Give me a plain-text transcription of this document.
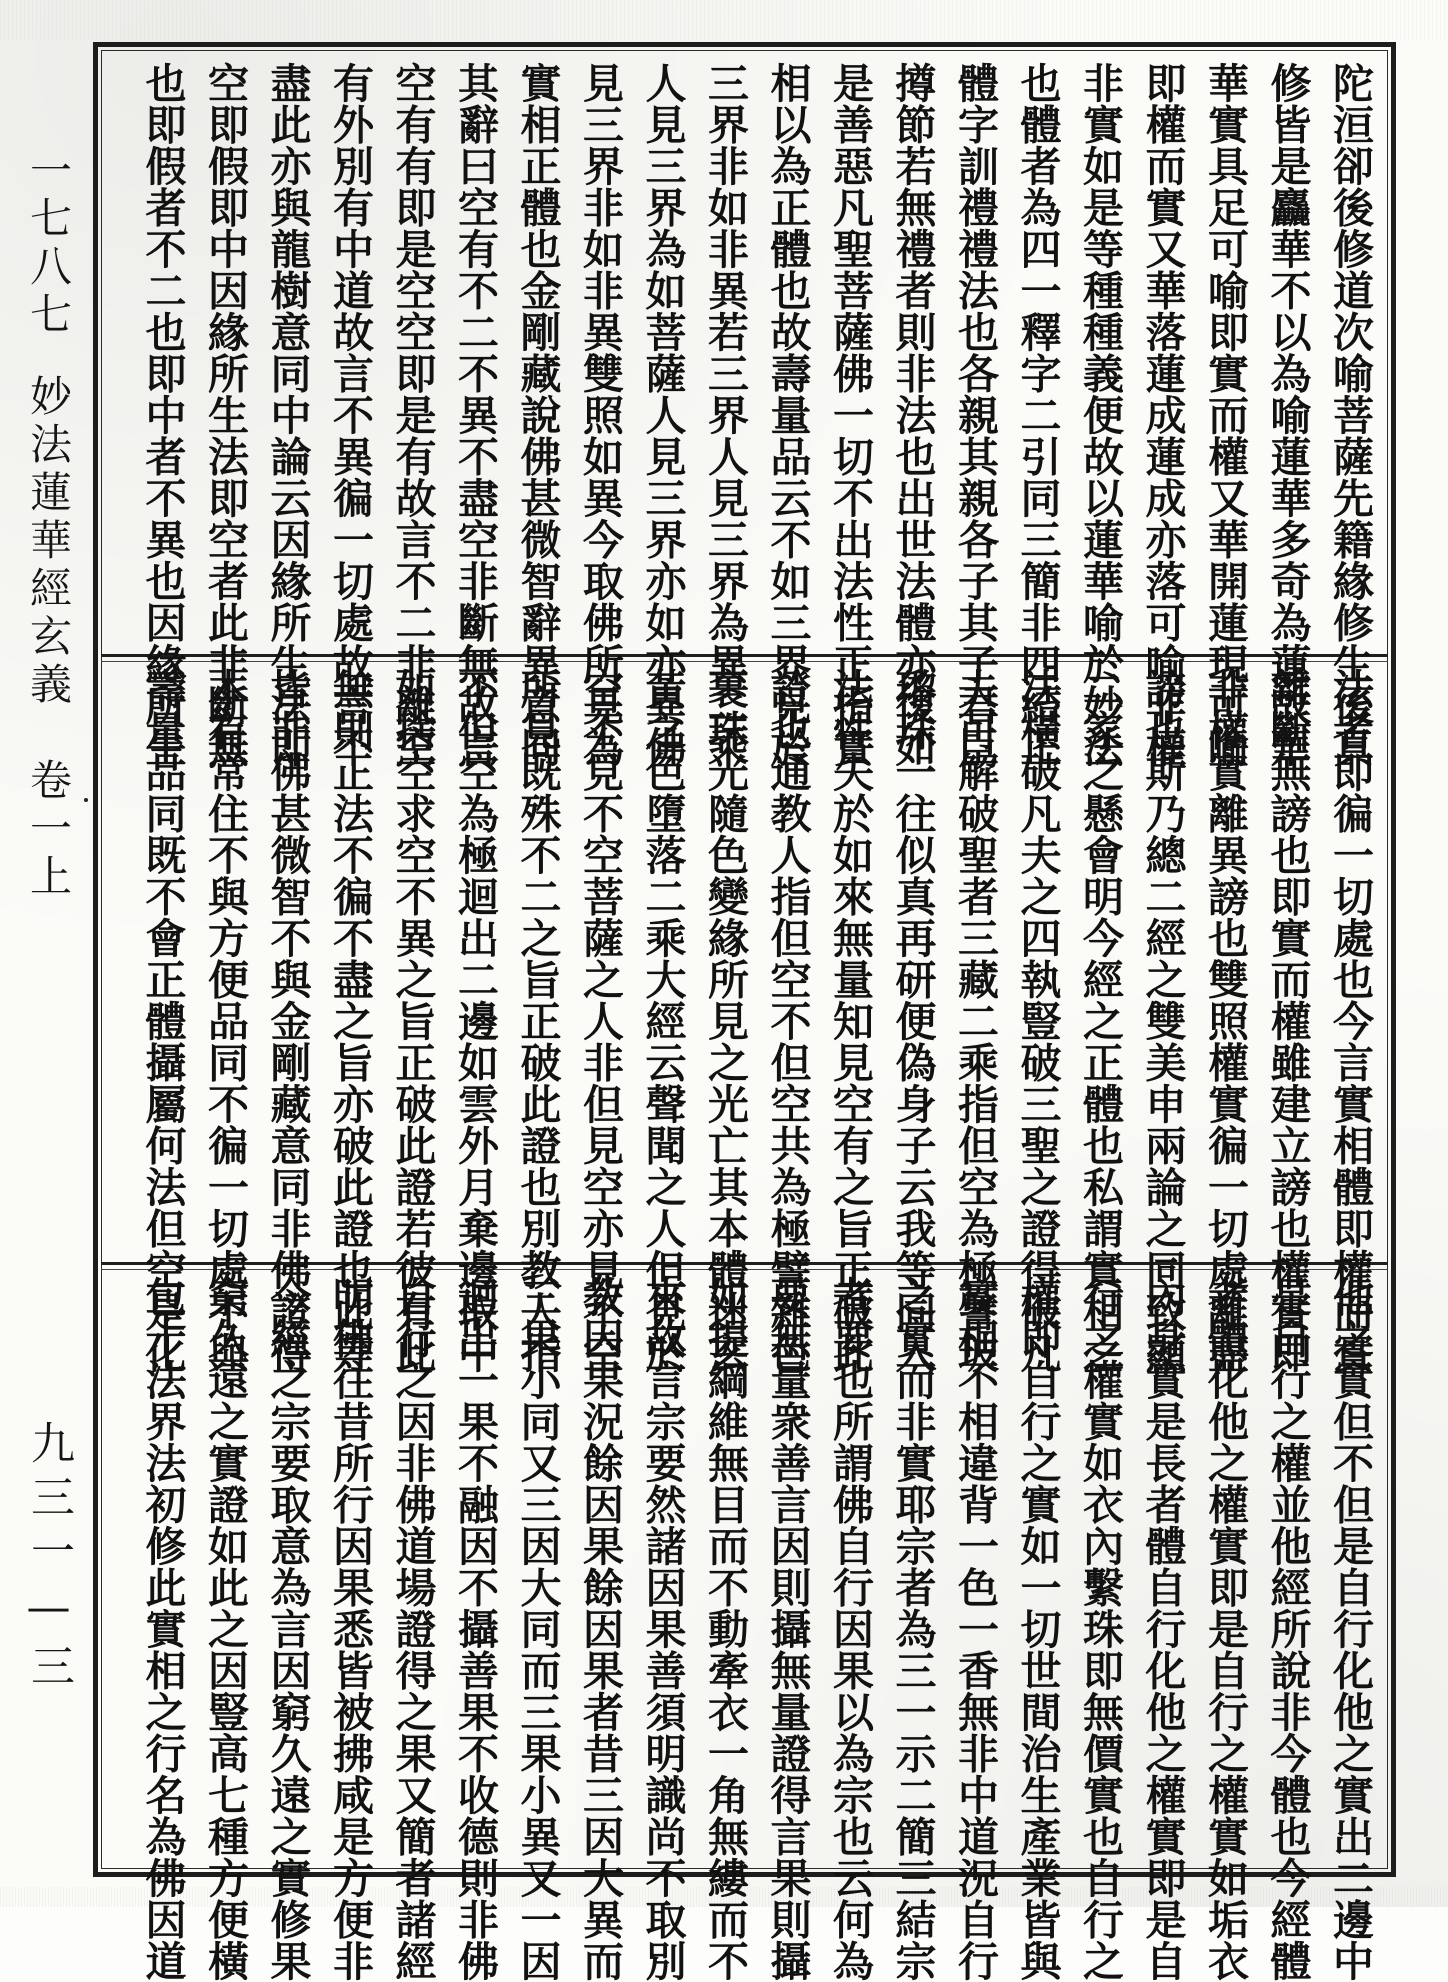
一七八七
妙法蓮華經玄義
卷一上
九三一—三
陀洹卻後修道次喻菩薩先籍緣修生後真
修皆是麤華不以為喻蓮華多奇為蓮故華
華實具足可喻即實而權又華開蓮現可喻
即權而實又華落蓮成蓮成亦落可喻非權
非實如是等種種義便故以蓮華喻於妙法
也體者為四一釋字二引同三簡非四結正
體字訓禮禮法也各親其親各子其子君臣
撙節若無禮者則非法也出世法體亦復如
是善惡凡聖菩薩佛一切不出法性正指實
相以為正體也故壽量品云不如三界見於
三界非如非異若三界人見三界為異二乘
人見三界為如菩薩人見三界亦如亦異佛
見三界非如非異雙照如異今取佛所見為
實相正體也金剛藏說佛甚微智辭異意同
其辭曰空有不二不異不盡空非斷無故言
空有有即是空空即是有故言不二非離空
有外別有中道故言不異徧一切處故言不
盡此亦與龍樹意同中論云因緣所生法即
空即假即中因緣所生法即空者此非斷無
也即假者不二也即中者不異也因緣所生
法者即徧一切處也今言實相體即權而實
離斷無謗也即實而權雖建立謗也權實即
非權實離異謗也雙照權實徧一切處離盡
謗也斯乃總二經之雙美申兩論之同致顯
二家之懸會明今經之正體也私謂實相之
法橫破凡夫之四執豎破三聖之證得破凡
夫可解破聖者三藏二乘指但空為極譬玻
瓈珠一往似真再研便偽身子云我等同入
法性失於如來無量知見空有之旨正破此
證也通教人指但空不但空共為極譬雜色
裹珠光隨色變緣所見之光亡其本體迷玄
黃之色墮落二乘大經云聲聞之人但見於
空不見不空菩薩之人非但見空亦見不空
所見既殊不二之旨正破此證也別教人指
不但空為極迴出二邊如雲外月棄邊取中
如捨空求空不異之旨正破此證若彼有此
無則正法不徧不盡之旨亦破此證也此等
皆非佛甚微智不與金剛藏意同非佛證得
本有常住不與方便品同不徧一切處不與
壽量品同既不會正體攝屬何法但空是化
他之實但不但是自行化他之實出二邊中
是自行之權並他經所說非今體也今經體
者體化他之權實即是自行之權實如垢衣
內身實是長者體自行化他之權實即是自
行之權實如衣內繫珠即無價實也自行之
權即自行之實如一切世間治生產業皆與
實相不相違背一色一香無非中道況自行
之實而非實耶宗者為三一示二簡三結宗
者要也所謂佛自行因果以為宗也云何為
要無量衆善言因則攝無量證得言果則攝
如提綱維無目而不動牽衣一角無縷而不
來故言宗要然諸因果善須明識尚不取別
教因果況餘因果餘因果者昔三因大異而
三果小同又三因大同而三果小異又一因
迴出一果不融因不攝善果不收德則非佛
自行之因非佛道場證得之果又簡者諸經
明佛往昔所行因果悉皆被拂咸是方便非
今經之宗要取意為言因窮久遠之實修果
窮久遠之實證如此之因豎高七種方便橫
包十法界法初修此實相之行名為佛因道
